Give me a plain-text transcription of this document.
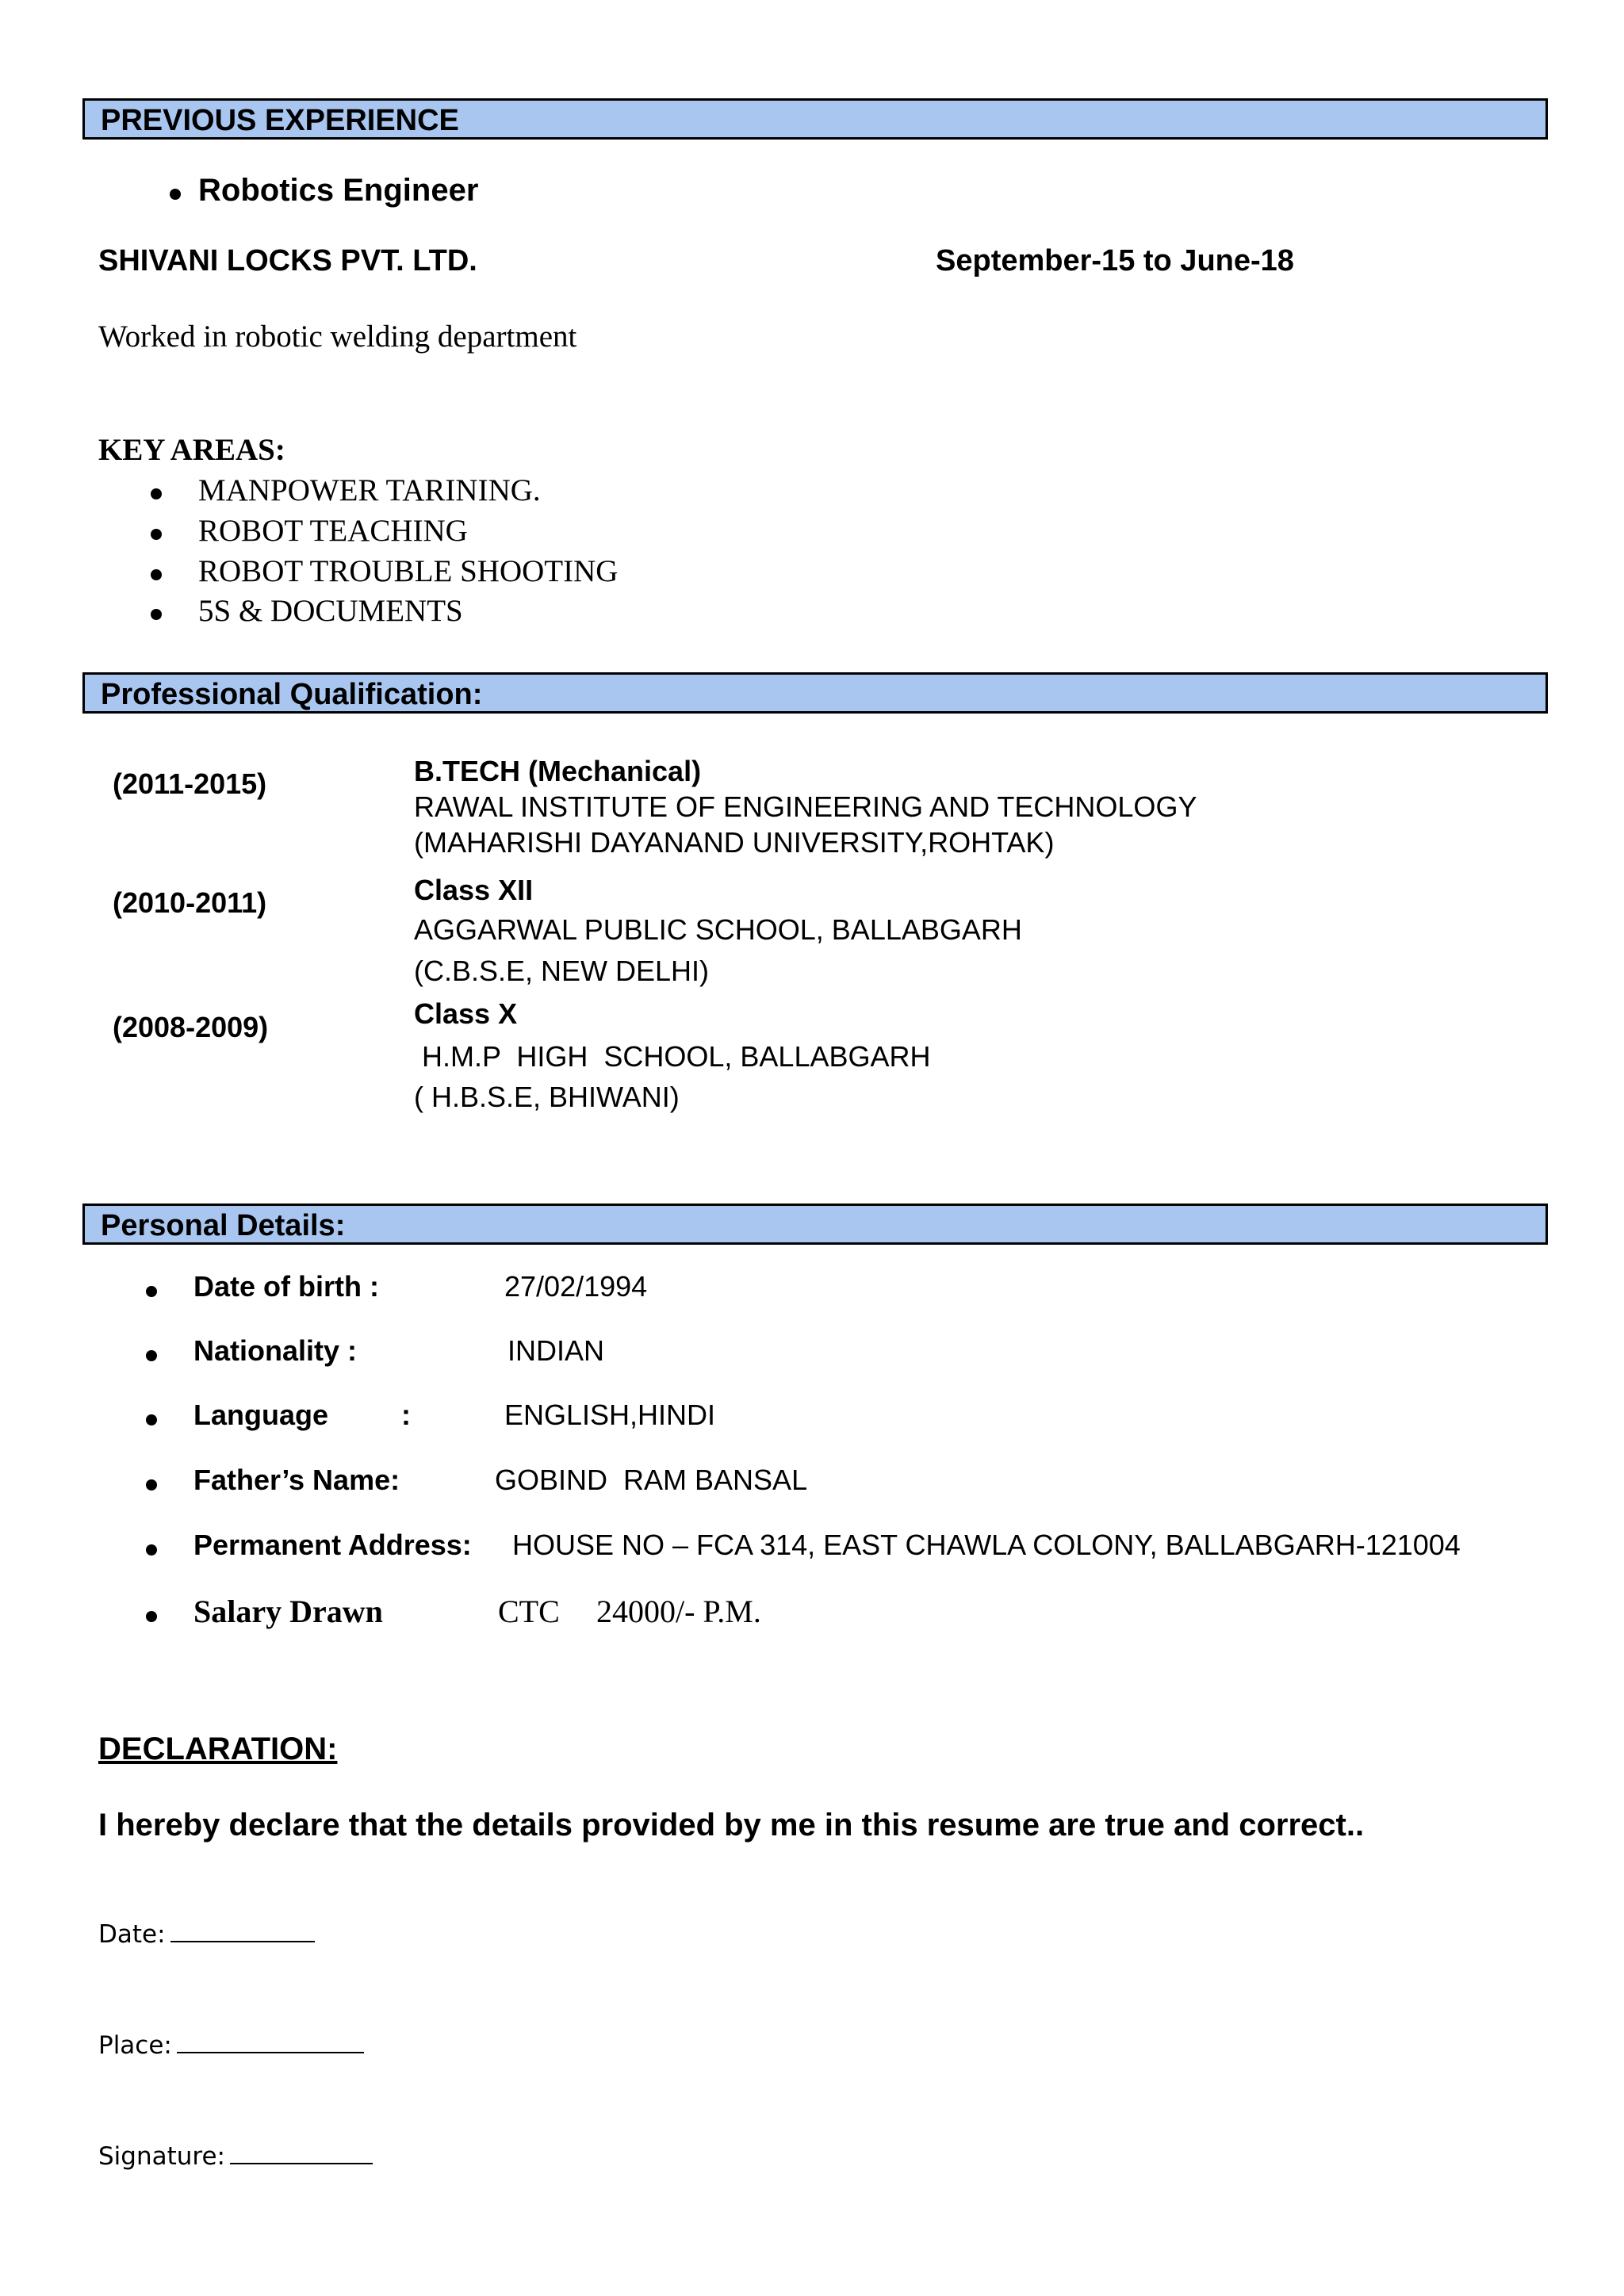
PREVIOUS EXPERIENCE
Robotics Engineer
SHIVANI LOCKS PVT. LTD.	September-15 to June-18
Worked in robotic welding department
KEY AREAS:
MANPOWER TARINING.
ROBOT TEACHING
ROBOT TROUBLE SHOOTING
5S & DOCUMENTS
Professional Qualification:
(2011-2015)	B.TECH (Mechanical)
RAWAL INSTITUTE OF ENGINEERING AND TECHNOLOGY
(MAHARISHI DAYANAND UNIVERSITY,ROHTAK)
(2010-2011)	Class XII
AGGARWAL PUBLIC SCHOOL, BALLABGARH
(C.B.S.E, NEW DELHI)
(2008-2009)	Class X
H.M.P  HIGH  SCHOOL, BALLABGARH
( H.B.S.E, BHIWANI)
Personal Details:
Date of birth :	27/02/1994
Nationality :	INDIAN
Language	:	ENGLISH,HINDI
Father’s Name:	GOBIND  RAM BANSAL
Permanent Address: HOUSE NO – FCA 314, EAST CHAWLA COLONY, BALLABGARH-121004
Salary Drawn	CTC 24000/- P.M.
DECLARATION:
I hereby declare that the details provided by me in this resume are true and correct..
Date:
Place:
Signature:
